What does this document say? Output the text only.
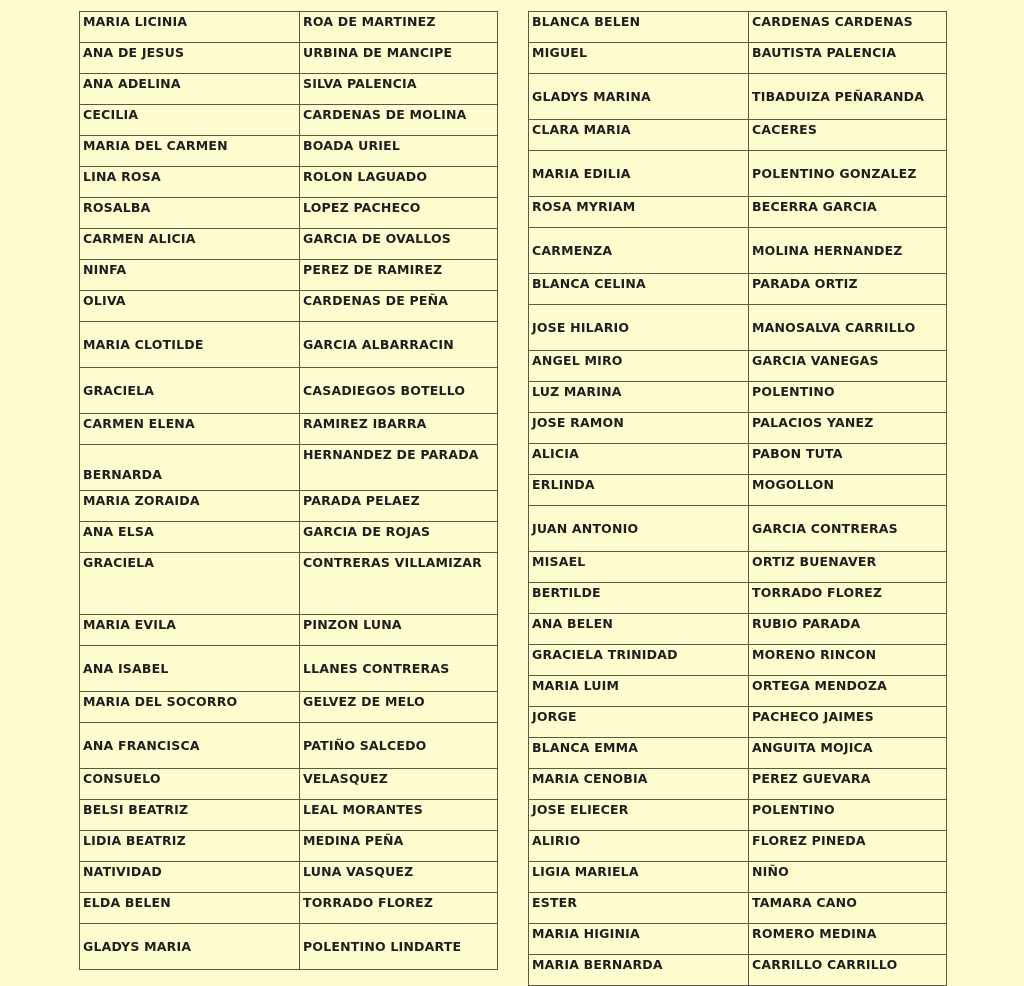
MARIA LICINIA	ROA DE MARTINEZ
ANA DE JESUS	URBINA DE MANCIPE
ANA ADELINA	SILVA PALENCIA
CECILIA	CARDENAS DE MOLINA
MARIA DEL CARMEN	BOADA URIEL
LINA ROSA	ROLON LAGUADO
ROSALBA	LOPEZ PACHECO
CARMEN ALICIA	GARCIA DE OVALLOS
NINFA	PEREZ DE RAMIREZ
OLIVA	CARDENAS DE PEÑA
MARIA CLOTILDE	GARCIA ALBARRACIN
GRACIELA	CASADIEGOS BOTELLO
CARMEN ELENA	RAMIREZ IBARRA
BERNARDA	HERNANDEZ DE PARADA
MARIA ZORAIDA	PARADA PELAEZ
ANA ELSA	GARCIA DE ROJAS
GRACIELA	CONTRERAS VILLAMIZAR
MARIA EVILA	PINZON LUNA
ANA ISABEL	LLANES CONTRERAS
MARIA DEL SOCORRO	GELVEZ DE MELO
ANA FRANCISCA	PATIÑO SALCEDO
CONSUELO	VELASQUEZ
BELSI BEATRIZ	LEAL MORANTES
LIDIA BEATRIZ	MEDINA PEÑA
NATIVIDAD	LUNA VASQUEZ
ELDA BELEN	TORRADO FLOREZ
GLADYS MARIA	POLENTINO LINDARTE
BLANCA BELEN	CARDENAS CARDENAS
MIGUEL	BAUTISTA PALENCIA
GLADYS MARINA	TIBADUIZA PEÑARANDA
CLARA MARIA	CACERES
MARIA EDILIA	POLENTINO GONZALEZ
ROSA MYRIAM	BECERRA GARCIA
CARMENZA	MOLINA HERNANDEZ
BLANCA CELINA	PARADA ORTIZ
JOSE HILARIO	MANOSALVA CARRILLO
ANGEL MIRO	GARCIA VANEGAS
LUZ MARINA	POLENTINO
JOSE RAMON	PALACIOS YANEZ
ALICIA	PABON TUTA
ERLINDA	MOGOLLON
JUAN ANTONIO	GARCIA CONTRERAS
MISAEL	ORTIZ BUENAVER
BERTILDE	TORRADO FLOREZ
ANA BELEN	RUBIO PARADA
GRACIELA TRINIDAD	MORENO RINCON
MARIA LUIM	ORTEGA MENDOZA
JORGE	PACHECO JAIMES
BLANCA EMMA	ANGUITA MOJICA
MARIA CENOBIA	PEREZ GUEVARA
JOSE ELIECER	POLENTINO
ALIRIO	FLOREZ PINEDA
LIGIA MARIELA	NIÑO
ESTER	TAMARA CANO
MARIA HIGINIA	ROMERO MEDINA
MARIA BERNARDA	CARRILLO CARRILLO
